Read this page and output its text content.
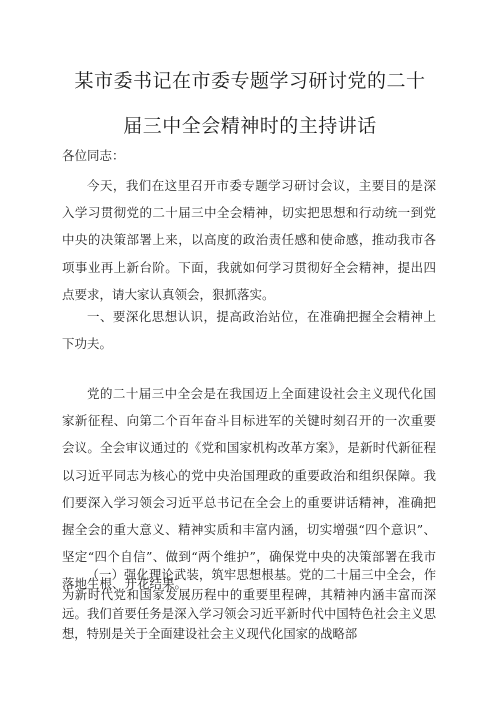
某市委书记在市委专题学习研讨党的二十
届三中全会精神时的主持讲话
各位同志：

今天，我们在这里召开市委专题学习研讨会议，主要目的是深入学习贯彻党的二十届三中全会精神，切实把思想和行动统一到党中央的决策部署上来，以高度的政治责任感和使命感，推动我市各项事业再上新台阶。下面，我就如何学习贯彻好全会精神，提出四点要求，请大家认真领会，狠抓落实。

一、要深化思想认识，提高政治站位，在准确把握全会精神上下功夫。

党的二十届三中全会是在我国迈上全面建设社会主义现代化国家新征程、向第二个百年奋斗目标进军的关键时刻召开的一次重要会议。全会审议通过的《党和国家机构改革方案》，是新时代新征程以习近平同志为核心的党中央治国理政的重要政治和组织保障。我们要深入学习领会习近平总书记在全会上的重要讲话精神，准确把握全会的重大意义、精神实质和丰富内涵，切实增强“四个意识”、坚定“四个自信”、做到“两个维护”，确保党中央的决策部署在我市落地生根、开花结果。

（一）强化理论武装，筑牢思想根基。党的二十届三中全会，作为新时代党和国家发展历程中的重要里程碑，其精神内涵丰富而深远。我们首要任务是深入学习领会习近平新时代中国特色社会主义思想，特别是关于全面建设社会主义现代化国家的战略部
